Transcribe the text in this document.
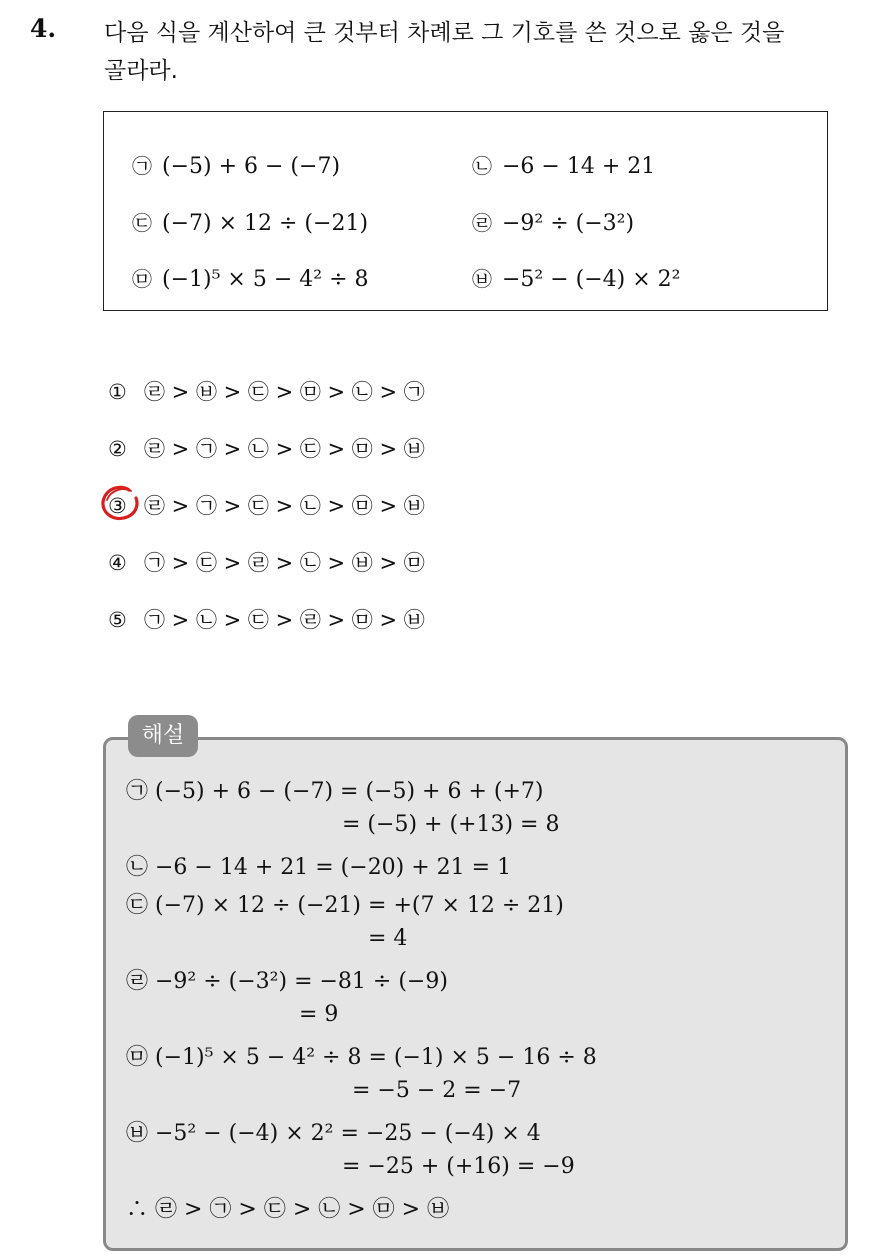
4. 다음 식을 계산하여 큰 것부터 차례로 그 기호를 쓴 것으로 옳은 것을
골라라.
㉠ (−5) + 6 − (−7)	㉡ −6 − 14 + 21
㉢ (−7) × 12 ÷ (−21)	㉣ −9² ÷ (−3²)
㉤ (−1)⁵ × 5 − 4² ÷ 8	㉥ −5² − (−4) × 2²
① ㉣ > ㉥ > ㉢ > ㉤ > ㉡ > ㉠
② ㉣ > ㉠ > ㉡ > ㉢ > ㉤ > ㉥
③ ㉣ > ㉠ > ㉢ > ㉡ > ㉤ > ㉥
④ ㉠ > ㉢ > ㉣ > ㉡ > ㉥ > ㉤
⑤ ㉠ > ㉡ > ㉢ > ㉣ > ㉤ > ㉥
㉠ (−5) + 6 − (−7) = (−5) + 6 + (+7)
= (−5) + (+13) = 8
㉡ −6 − 14 + 21 = (−20) + 21 = 1
㉢ (−7) × 12 ÷ (−21) = +(7 × 12 ÷ 21)
= 4
㉣ −9² ÷ (−3²) = −81 ÷ (−9)
= 9
㉤ (−1)⁵ × 5 − 4² ÷ 8 = (−1) × 5 − 16 ÷ 8
= −5 − 2 = −7
㉥ −5² − (−4) × 2² = −25 − (−4) × 4
= −25 + (+16) = −9
∴ ㉣ > ㉠ > ㉢ > ㉡ > ㉤ > ㉥
해설
